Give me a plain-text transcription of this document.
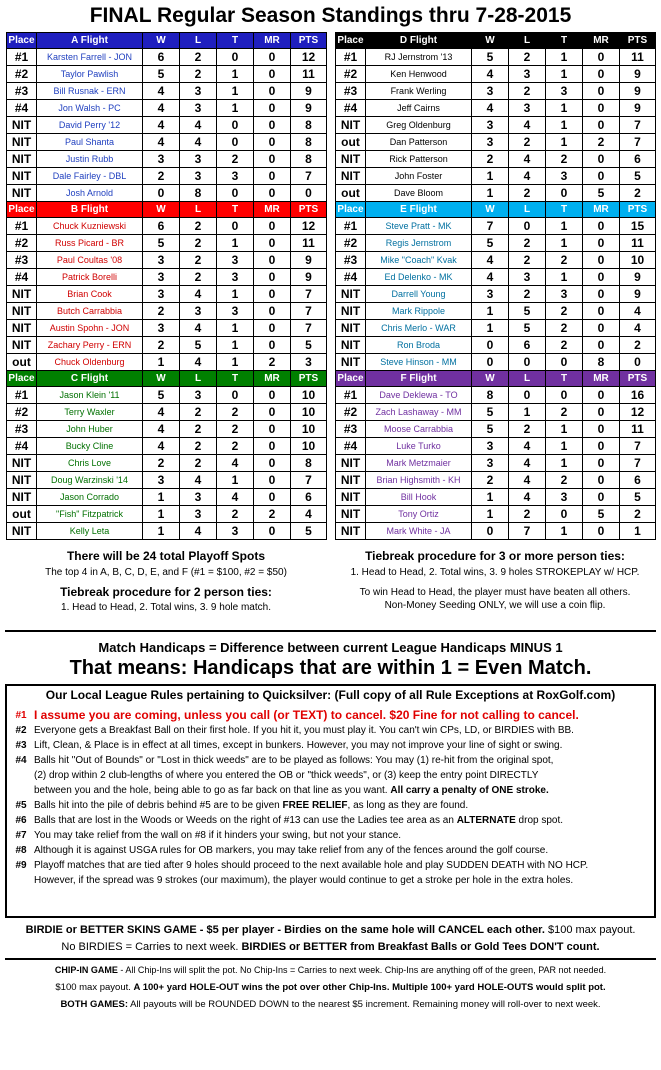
FINAL Regular Season Standings thru 7-28-2015
Place	A Flight	W	L	T	MR	PTS
#1	Karsten Farrell - JON	6	2	0	0	12
#2	Taylor Pawlish	5	2	1	0	11
#3	Bill Rusnak - ERN	4	3	1	0	9
#4	Jon Walsh - PC	4	3	1	0	9
NIT	David Perry '12	4	4	0	0	8
NIT	Paul Shanta	4	4	0	0	8
NIT	Justin Rubb	3	3	2	0	8
NIT	Dale Fairley - DBL	2	3	3	0	7
NIT	Josh Arnold	0	8	0	0	0
Place	B Flight	W	L	T	MR	PTS
#1	Chuck Kuzniewski	6	2	0	0	12
#2	Russ Picard - BR	5	2	1	0	11
#3	Paul Coultas '08	3	2	3	0	9
#4	Patrick Borelli	3	2	3	0	9
NIT	Brian Cook	3	4	1	0	7
NIT	Butch Carrabbia	2	3	3	0	7
NIT	Austin Spohn - JON	3	4	1	0	7
NIT	Zachary Perry - ERN	2	5	1	0	5
out	Chuck Oldenburg	1	4	1	2	3
Place	C Flight	W	L	T	MR	PTS
#1	Jason Klein '11	5	3	0	0	10
#2	Terry Waxler	4	2	2	0	10
#3	John Huber	4	2	2	0	10
#4	Bucky Cline	4	2	2	0	10
NIT	Chris Love	2	2	4	0	8
NIT	Doug Warzinski '14	3	4	1	0	7
NIT	Jason Corrado	1	3	4	0	6
out	"Fish" Fitzpatrick	1	3	2	2	4
NIT	Kelly Leta	1	4	3	0	5
Place	D Flight	W	L	T	MR	PTS
#1	RJ Jernstrom '13	5	2	1	0	11
#2	Ken Henwood	4	3	1	0	9
#3	Frank Werling	3	2	3	0	9
#4	Jeff Cairns	4	3	1	0	9
NIT	Greg Oldenburg	3	4	1	0	7
out	Dan Patterson	3	2	1	2	7
NIT	Rick Patterson	2	4	2	0	6
NIT	John Foster	1	4	3	0	5
out	Dave Bloom	1	2	0	5	2
Place	E Flight	W	L	T	MR	PTS
#1	Steve Pratt - MK	7	0	1	0	15
#2	Regis Jernstrom	5	2	1	0	11
#3	Mike "Coach" Kvak	4	2	2	0	10
#4	Ed Delenko - MK	4	3	1	0	9
NIT	Darrell Young	3	2	3	0	9
NIT	Mark Rippole	1	5	2	0	4
NIT	Chris Merlo - WAR	1	5	2	0	4
NIT	Ron Broda	0	6	2	0	2
NIT	Steve Hinson - MM	0	0	0	8	0
Place	F Flight	W	L	T	MR	PTS
#1	Dave Deklewa - TO	8	0	0	0	16
#2	Zach Lashaway - MM	5	1	2	0	12
#3	Moose Carrabbia	5	2	1	0	11
#4	Luke Turko	3	4	1	0	7
NIT	Mark Metzmaier	3	4	1	0	7
NIT	Brian Highsmith - KH	2	4	2	0	6
NIT	Bill Hook	1	4	3	0	5
NIT	Tony Ortiz	1	2	0	5	2
NIT	Mark White - JA	0	7	1	0	1
There will be 24 total Playoff Spots
The top 4 in A, B, C, D, E, and F (#1 = $100, #2 = $50)
Tiebreak procedure for 2 person ties:
1. Head to Head, 2. Total wins, 3. 9 hole match.
Tiebreak procedure for 3 or more person ties:
1. Head to Head, 2. Total wins, 3. 9 holes STROKEPLAY w/ HCP.
To win Head to Head, the player must have beaten all others.
Non-Money Seeding ONLY, we will use a coin flip.
Match Handicaps = Difference between current League Handicaps MINUS 1
That means: Handicaps that are within 1 = Even Match.
Our Local League Rules pertaining to Quicksilver: (Full copy of all Rule Exceptions at RoxGolf.com)
#1 I assume you are coming, unless you call (or TEXT) to cancel. $20 Fine for not calling to cancel.
#2 Everyone gets a Breakfast Ball on their first hole. If you hit it, you must play it. You can't win CPs, LD, or BIRDIES with BB.
#3 Lift, Clean, & Place is in effect at all times, except in bunkers. However, you may not improve your line of sight or swing.
#4 Balls hit "Out of Bounds" or "Lost in thick weeds" are to be played as follows: You may (1) re-hit from the original spot,
(2) drop within 2 club-lengths of where you entered the OB or "thick weeds", or (3) keep the entry point DIRECTLY
between you and the hole, being able to go as far back on that line as you want. All carry a penalty of ONE stroke.
#5 Balls hit into the pile of debris behind #5 are to be given FREE RELIEF, as long as they are found.
#6 Balls that are lost in the Woods or Weeds on the right of #13 can use the Ladies tee area as an ALTERNATE drop spot.
#7 You may take relief from the wall on #8 if it hinders your swing, but not your stance.
#8 Although it is against USGA rules for OB markers, you may take relief from any of the fences around the golf course.
#9 Playoff matches that are tied after 9 holes should proceed to the next available hole and play SUDDEN DEATH with NO HCP.
However, if the spread was 9 strokes (our maximum), the player would continue to get a stroke per hole in the extra holes.
BIRDIE or BETTER SKINS GAME - $5 per player - Birdies on the same hole will CANCEL each other. $100 max payout.
No BIRDIES = Carries to next week. BIRDIES or BETTER from Breakfast Balls or Gold Tees DON'T count.
CHIP-IN GAME - All Chip-Ins will split the pot. No Chip-Ins = Carries to next week. Chip-Ins are anything off of the green, PAR not needed.
$100 max payout. A 100+ yard HOLE-OUT wins the pot over other Chip-Ins. Multiple 100+ yard HOLE-OUTS would split pot.
BOTH GAMES: All payouts will be ROUNDED DOWN to the nearest $5 increment. Remaining money will roll-over to next week.
